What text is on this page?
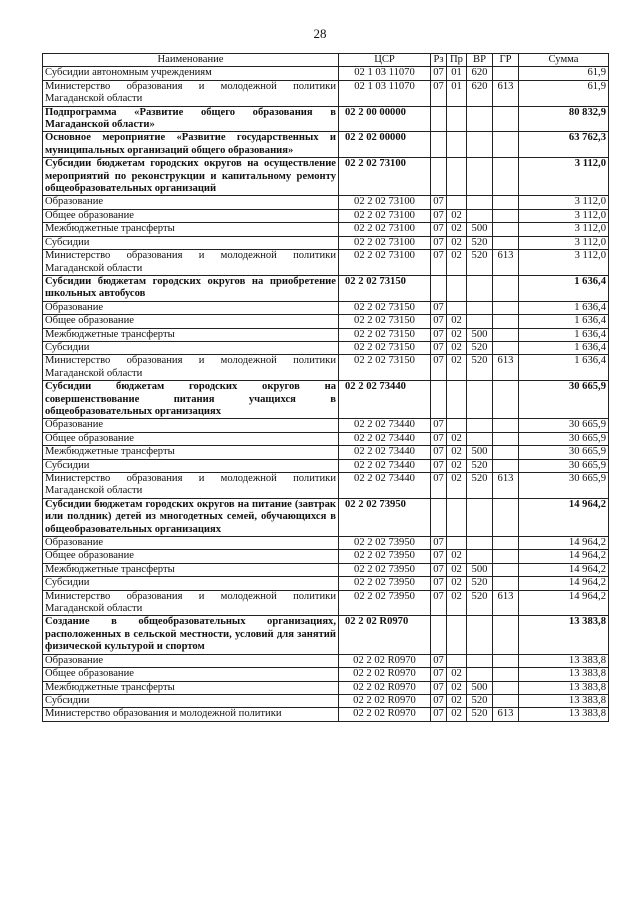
28
Наименование	ЦСР	Рз	Пр	ВР	ГР	Сумма
Субсидии автономным учреждениям	02 1 03 11070	07	01	620		61,9
Министерство образования и молодежной политики Магаданской области	02 1 03 11070	07	01	620	613	61,9
Подпрограмма «Развитие общего образования в Магаданской области»	02 2 00 00000					80 832,9
Основное мероприятие «Развитие государственных и муниципальных организаций общего образования»	02 2 02 00000					63 762,3
Субсидии бюджетам городских округов на осуществление мероприятий по реконструкции и капитальному ремонту общеобразовательных организаций	02 2 02 73100					3 112,0
Образование	02 2 02 73100	07				3 112,0
Общее образование	02 2 02 73100	07	02			3 112,0
Межбюджетные трансферты	02 2 02 73100	07	02	500		3 112,0
Субсидии	02 2 02 73100	07	02	520		3 112,0
Министерство образования и молодежной политики Магаданской области	02 2 02 73100	07	02	520	613	3 112,0
Субсидии бюджетам городских округов на приобретение школьных автобусов	02 2 02 73150					1 636,4
Образование	02 2 02 73150	07				1 636,4
Общее образование	02 2 02 73150	07	02			1 636,4
Межбюджетные трансферты	02 2 02 73150	07	02	500		1 636,4
Субсидии	02 2 02 73150	07	02	520		1 636,4
Министерство образования и молодежной политики Магаданской области	02 2 02 73150	07	02	520	613	1 636,4
Субсидии бюджетам городских округов на совершенствование питания учащихся в общеобразовательных организациях	02 2 02 73440					30 665,9
Образование	02 2 02 73440	07				30 665,9
Общее образование	02 2 02 73440	07	02			30 665,9
Межбюджетные трансферты	02 2 02 73440	07	02	500		30 665,9
Субсидии	02 2 02 73440	07	02	520		30 665,9
Министерство образования и молодежной политики Магаданской области	02 2 02 73440	07	02	520	613	30 665,9
Субсидии бюджетам городских округов на питание (завтрак или полдник) детей из многодетных семей, обучающихся в общеобразовательных организациях	02 2 02 73950					14 964,2
Образование	02 2 02 73950	07				14 964,2
Общее образование	02 2 02 73950	07	02			14 964,2
Межбюджетные трансферты	02 2 02 73950	07	02	500		14 964,2
Субсидии	02 2 02 73950	07	02	520		14 964,2
Министерство образования и молодежной политики Магаданской области	02 2 02 73950	07	02	520	613	14 964,2
Создание в общеобразовательных организациях, расположенных в сельской местности, условий для занятий физической культурой и спортом	02 2 02 R0970					13 383,8
Образование	02 2 02 R0970	07				13 383,8
Общее образование	02 2 02 R0970	07	02			13 383,8
Межбюджетные трансферты	02 2 02 R0970	07	02	500		13 383,8
Субсидии	02 2 02 R0970	07	02	520		13 383,8
Министерство образования и молодежной политики	02 2 02 R0970	07	02	520	613	13 383,8
